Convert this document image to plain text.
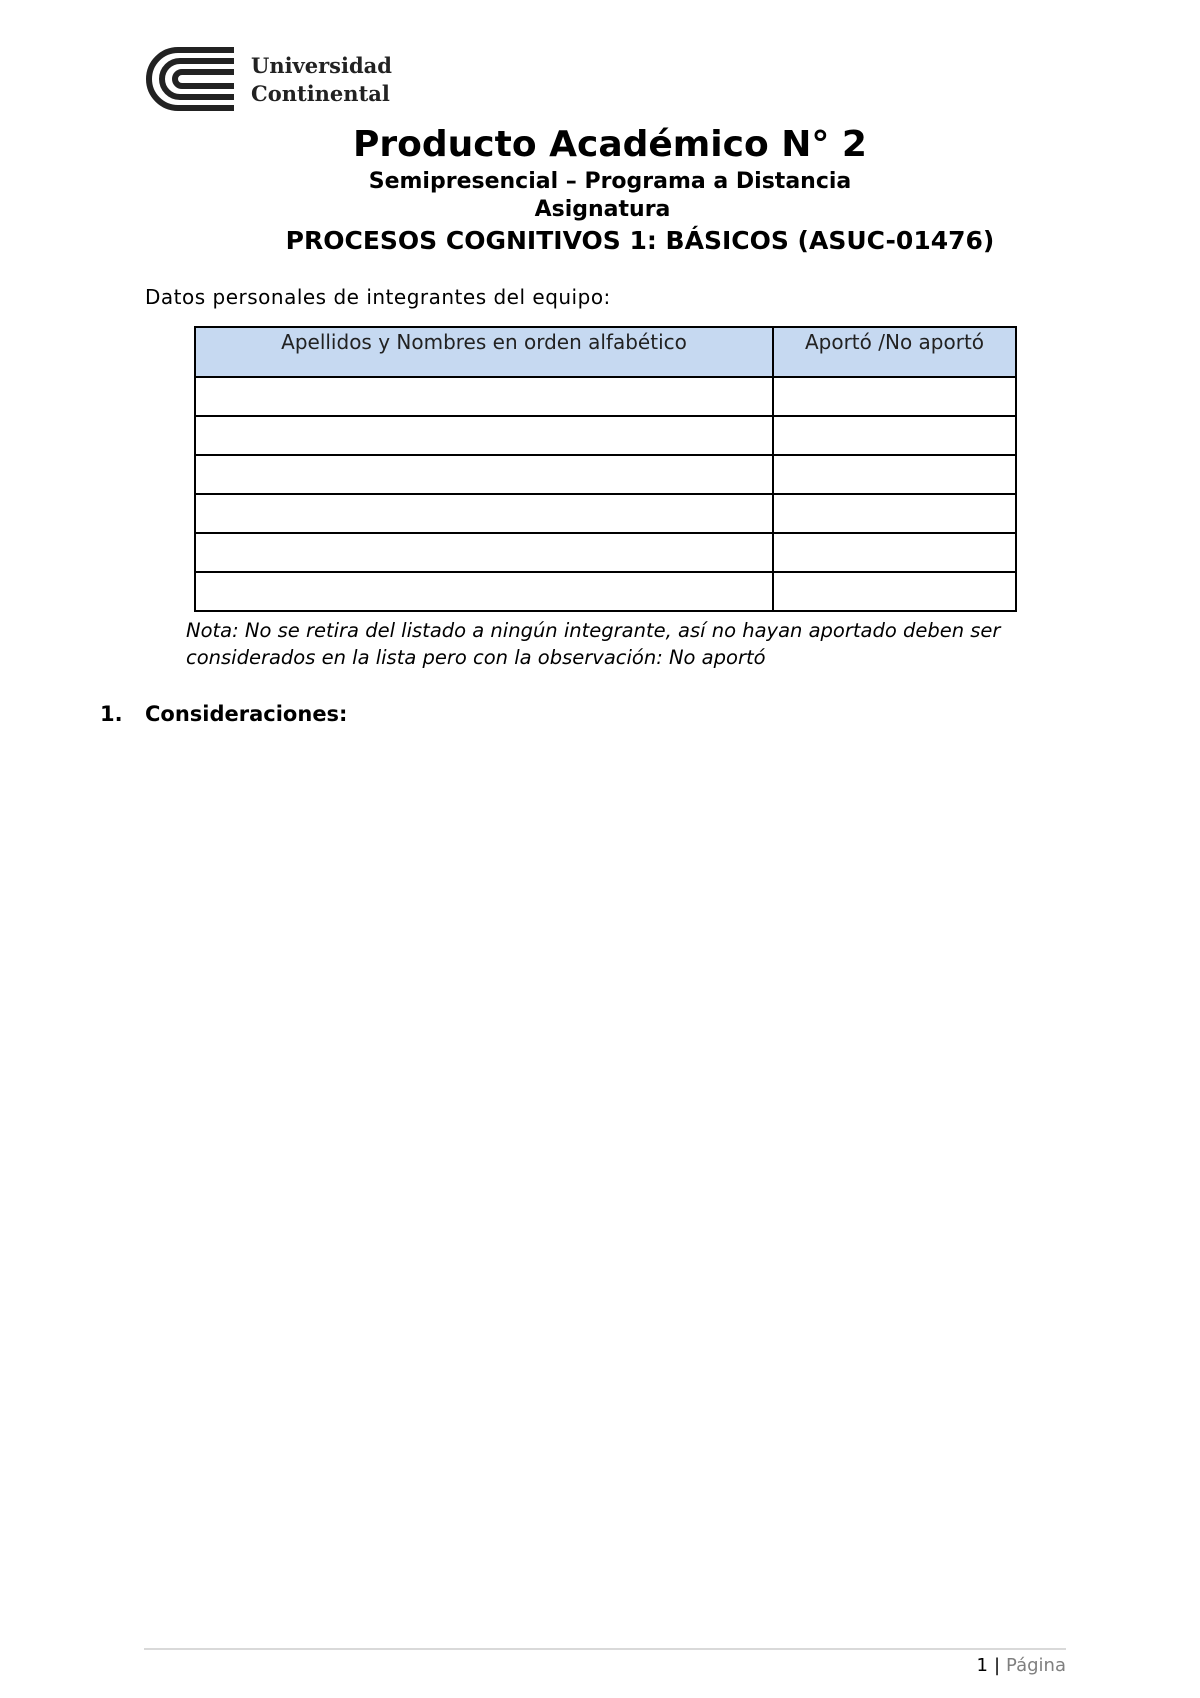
Universidad
Continental
Producto Académico N° 2
Semipresencial – Programa a Distancia
Asignatura
PROCESOS COGNITIVOS 1: BÁSICOS (ASUC-01476)
Datos personales de integrantes del equipo:
Apellidos y Nombres en orden alfabético	Aportó /No aportó

Nota: No se retira del listado a ningún integrante, así no hayan aportado deben ser
considerados en la lista pero con la observación: No aportó
1. Consideraciones:
1 | Página
